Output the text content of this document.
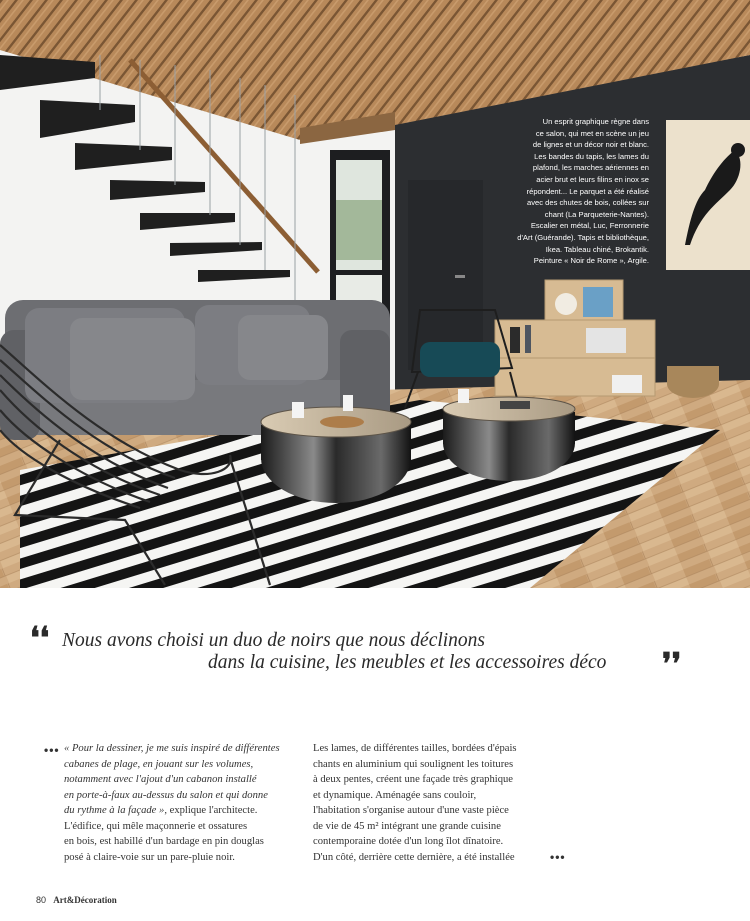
Un esprit graphique règne dans
ce salon, qui met en scène un jeu
de lignes et un décor noir et blanc.
Les bandes du tapis, les lames du
plafond, les marches aériennes en
acier brut et leurs filins en inox se
répondent... Le parquet a été réalisé
avec des chutes de bois, collées sur
chant (La Parqueterie-Nantes).
Escalier en métal, Luc, Ferronnerie
d'Art (Guérande). Tapis et bibliothèque,
Ikea. Tableau chiné, Brokantik.
Peinture « Noir de Rome », Argile.
❛❛ Nous avons choisi un duo de noirs que nous déclinons
dans la cuisine, les meubles et les accessoires déco ❜❜
••• « Pour la dessiner, je me suis inspiré de différentes
cabanes de plage, en jouant sur les volumes,
notamment avec l'ajout d'un cabanon installé
en porte-à-faux au-dessus du salon et qui donne
du rythme à la façade », explique l'architecte.
L'édifice, qui mêle maçonnerie et ossatures
en bois, est habillé d'un bardage en pin douglas
posé à claire-voie sur un pare-pluie noir.
Les lames, de différentes tailles, bordées d'épais
chants en aluminium qui soulignent les toitures
à deux pentes, créent une façade très graphique
et dynamique. Aménagée sans couloir,
l'habitation s'organise autour d'une vaste pièce
de vie de 45 m² intégrant une grande cuisine
contemporaine dotée d'un long îlot dînatoire.
D'un côté, derrière cette dernière, a été installée	•••
80 Art&Décoration
